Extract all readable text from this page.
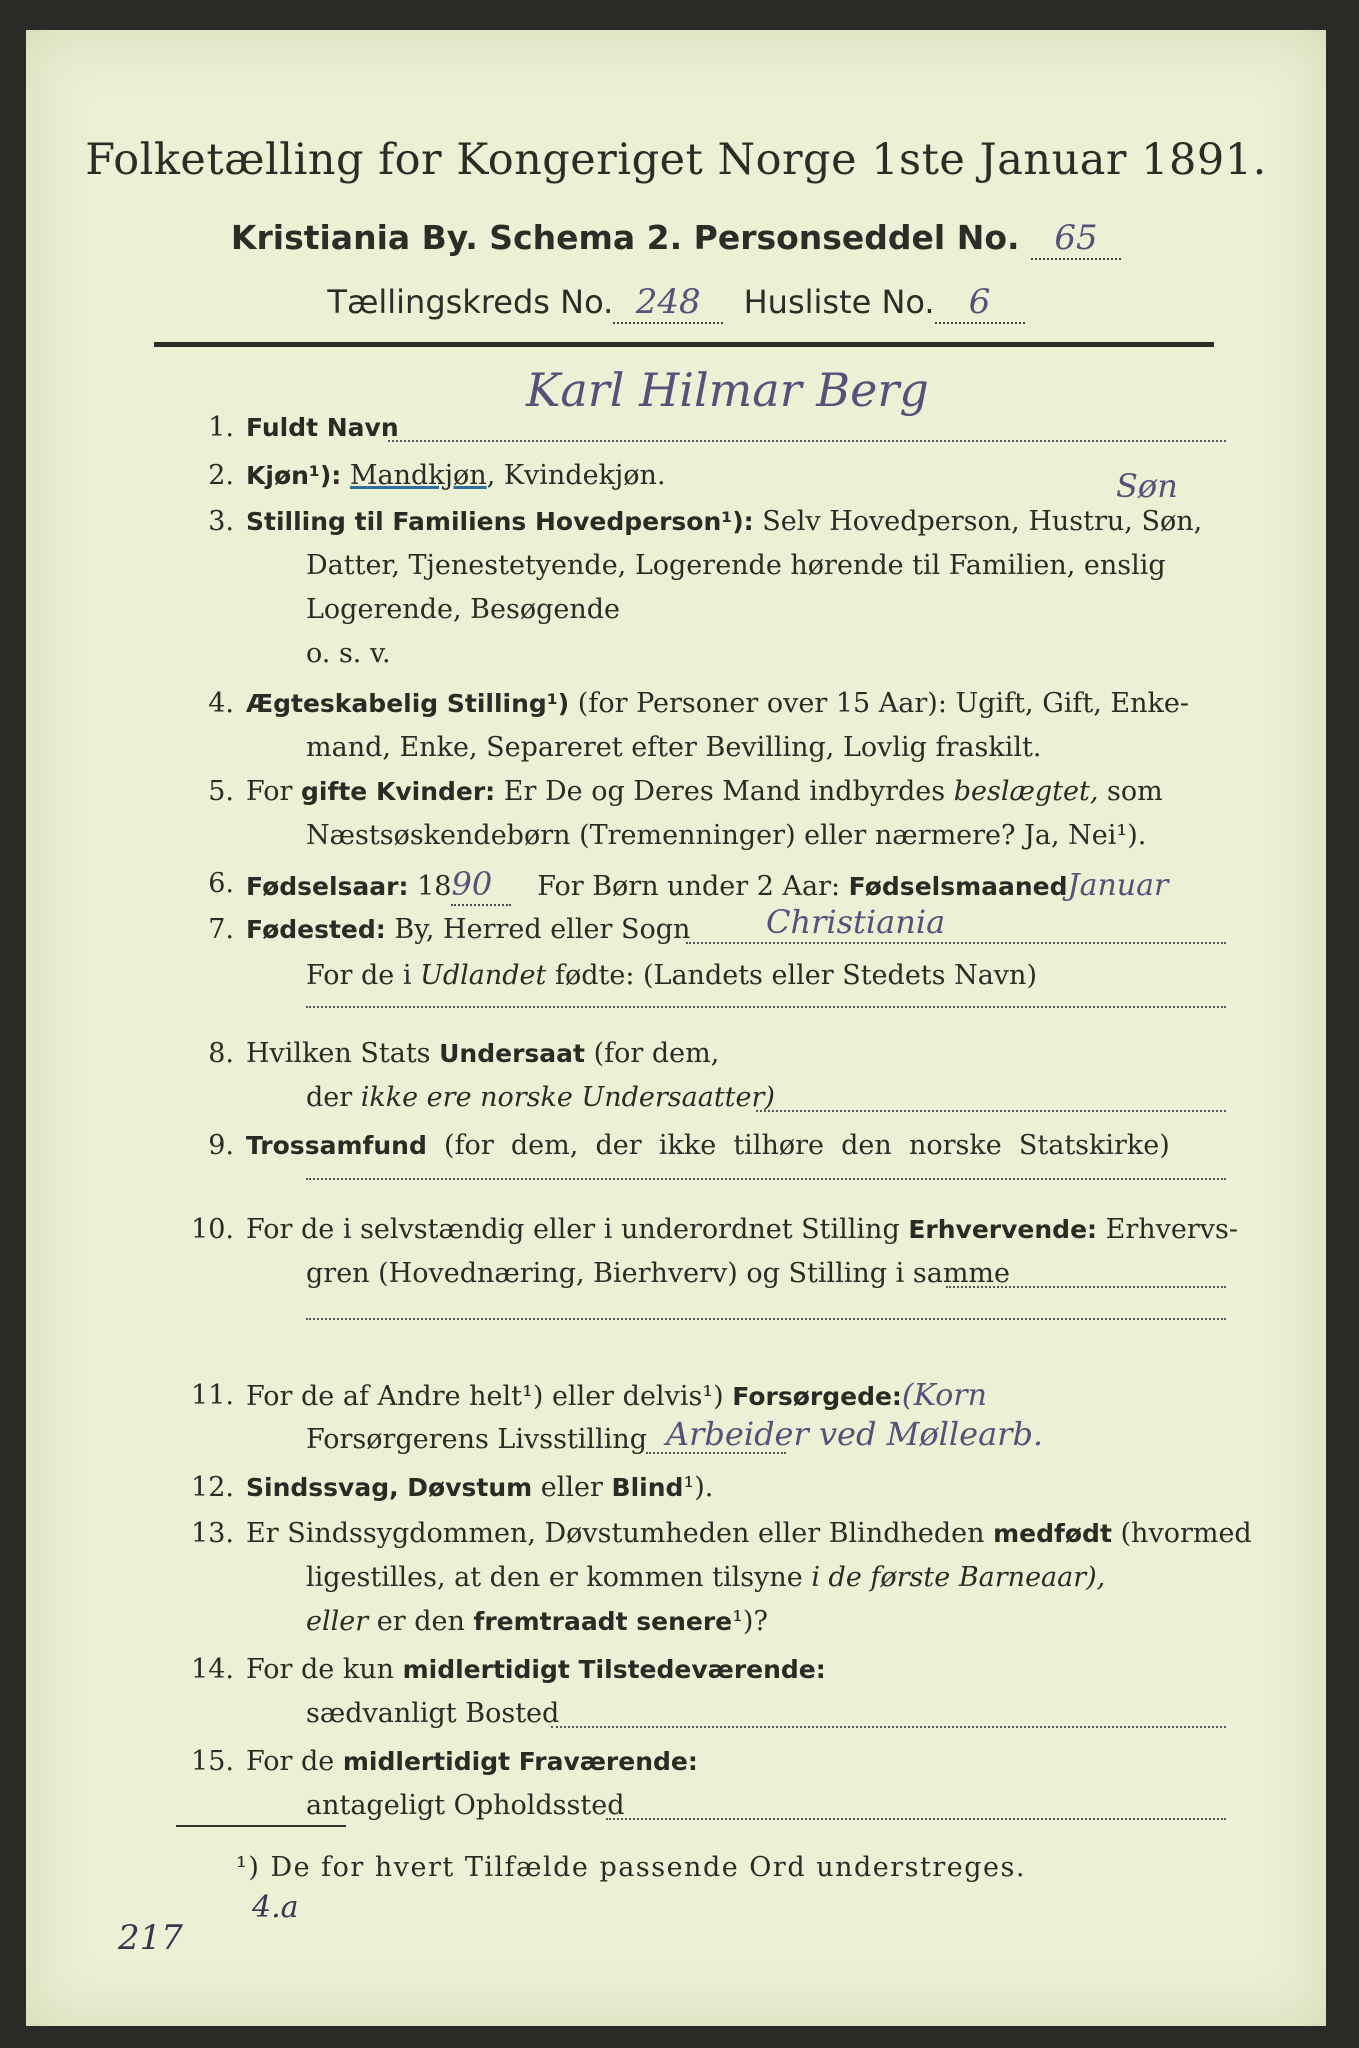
Folketælling for Kongeriget Norge 1ste Januar 1891.
Kristiania By. Schema 2. Personseddel No. 65
Tællingskreds No. 248 Husliste No. 6
1. Fuldt Navn
Karl Hilmar Berg
2. Kjøn¹): Mandkjøn, Kvindekjøn.
3. Stilling til Familiens Hovedperson¹): Selv Hovedperson, Hustru, Søn,
Søn
Datter, Tjenestetyende, Logerende hørende til Familien, enslig
Logerende, Besøgende
o. s. v.
4. Ægteskabelig Stilling¹) (for Personer over 15 Aar): Ugift, Gift, Enke-
mand, Enke, Separeret efter Bevilling, Lovlig fraskilt.
5. For gifte Kvinder: Er De og Deres Mand indbyrdes beslægtet, som
Næstsøskendebørn (Tremenninger) eller nærmere? Ja, Nei¹).
6. Fødselsaar: 1890 For Børn under 2 Aar: FødselsmaanedJanuar
7. Fødested: By, Herred eller Sogn Christiania
For de i Udlandet fødte: (Landets eller Stedets Navn)
8. Hvilken Stats Undersaat (for dem,
der ikke ere norske Undersaatter)
9. Trossamfund (for  dem,  der  ikke  tilhøre  den  norske  Statskirke)
10. For de i selvstændig eller i underordnet Stilling Erhvervende: Erhvervs-
gren (Hovednæring, Bierhverv) og Stilling i samme
11. For de af Andre helt¹) eller delvis¹) Forsørgede:(Korn
Forsørgerens Livsstilling Arbeider ved Møllearb.
12. Sindssvag, Døvstum eller Blind¹).
13. Er Sindssygdommen, Døvstumheden eller Blindheden medfødt (hvormed
ligestilles, at den er kommen tilsyne i de første Barneaar),
eller er den fremtraadt senere¹)?
14. For de kun midlertidigt Tilstedeværende:
sædvanligt Bosted
15. For de midlertidigt Fraværende:
antageligt Opholdssted
¹) De for hvert Tilfælde passende Ord understreges.
4.a
217
